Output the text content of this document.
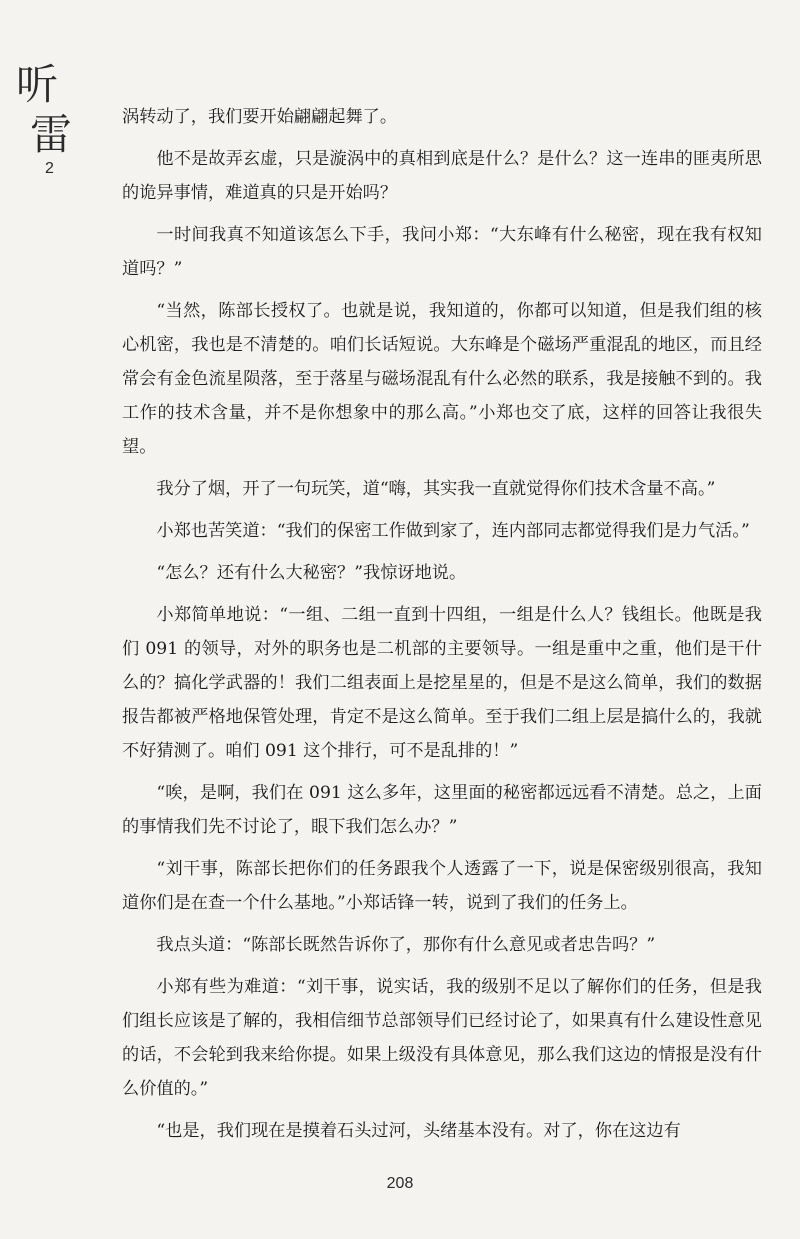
听
雷
2

涡转动了，我们要开始翩翩起舞了。

他不是故弄玄虚，只是漩涡中的真相到底是什么？是什么？这一连串的匪夷所思的诡异事情，难道真的只是开始吗？

一时间我真不知道该怎么下手，我问小郑：“大东峰有什么秘密，现在我有权知道吗？”

“当然，陈部长授权了。也就是说，我知道的，你都可以知道，但是我们组的核心机密，我也是不清楚的。咱们长话短说。大东峰是个磁场严重混乱的地区，而且经常会有金色流星陨落，至于落星与磁场混乱有什么必然的联系，我是接触不到的。我工作的技术含量，并不是你想象中的那么高。”小郑也交了底，这样的回答让我很失望。

我分了烟，开了一句玩笑，道“嗨，其实我一直就觉得你们技术含量不高。”

小郑也苦笑道：“我们的保密工作做到家了，连内部同志都觉得我们是力气活。”

“怎么？还有什么大秘密？”我惊讶地说。

小郑简单地说：“一组、二组一直到十四组，一组是什么人？钱组长。他既是我们 091 的领导，对外的职务也是二机部的主要领导。一组是重中之重，他们是干什么的？搞化学武器的！我们二组表面上是挖星星的，但是不是这么简单，我们的数据报告都被严格地保管处理，肯定不是这么简单。至于我们二组上层是搞什么的，我就不好猜测了。咱们 091 这个排行，可不是乱排的！”

“唉，是啊，我们在 091 这么多年，这里面的秘密都远远看不清楚。总之，上面的事情我们先不讨论了，眼下我们怎么办？”

“刘干事，陈部长把你们的任务跟我个人透露了一下，说是保密级别很高，我知道你们是在查一个什么基地。”小郑话锋一转，说到了我们的任务上。

我点头道：“陈部长既然告诉你了，那你有什么意见或者忠告吗？”

小郑有些为难道：“刘干事，说实话，我的级别不足以了解你们的任务，但是我们组长应该是了解的，我相信细节总部领导们已经讨论了，如果真有什么建设性意见的话，不会轮到我来给你提。如果上级没有具体意见，那么我们这边的情报是没有什么价值的。”

“也是，我们现在是摸着石头过河，头绪基本没有。对了，你在这边有

208
